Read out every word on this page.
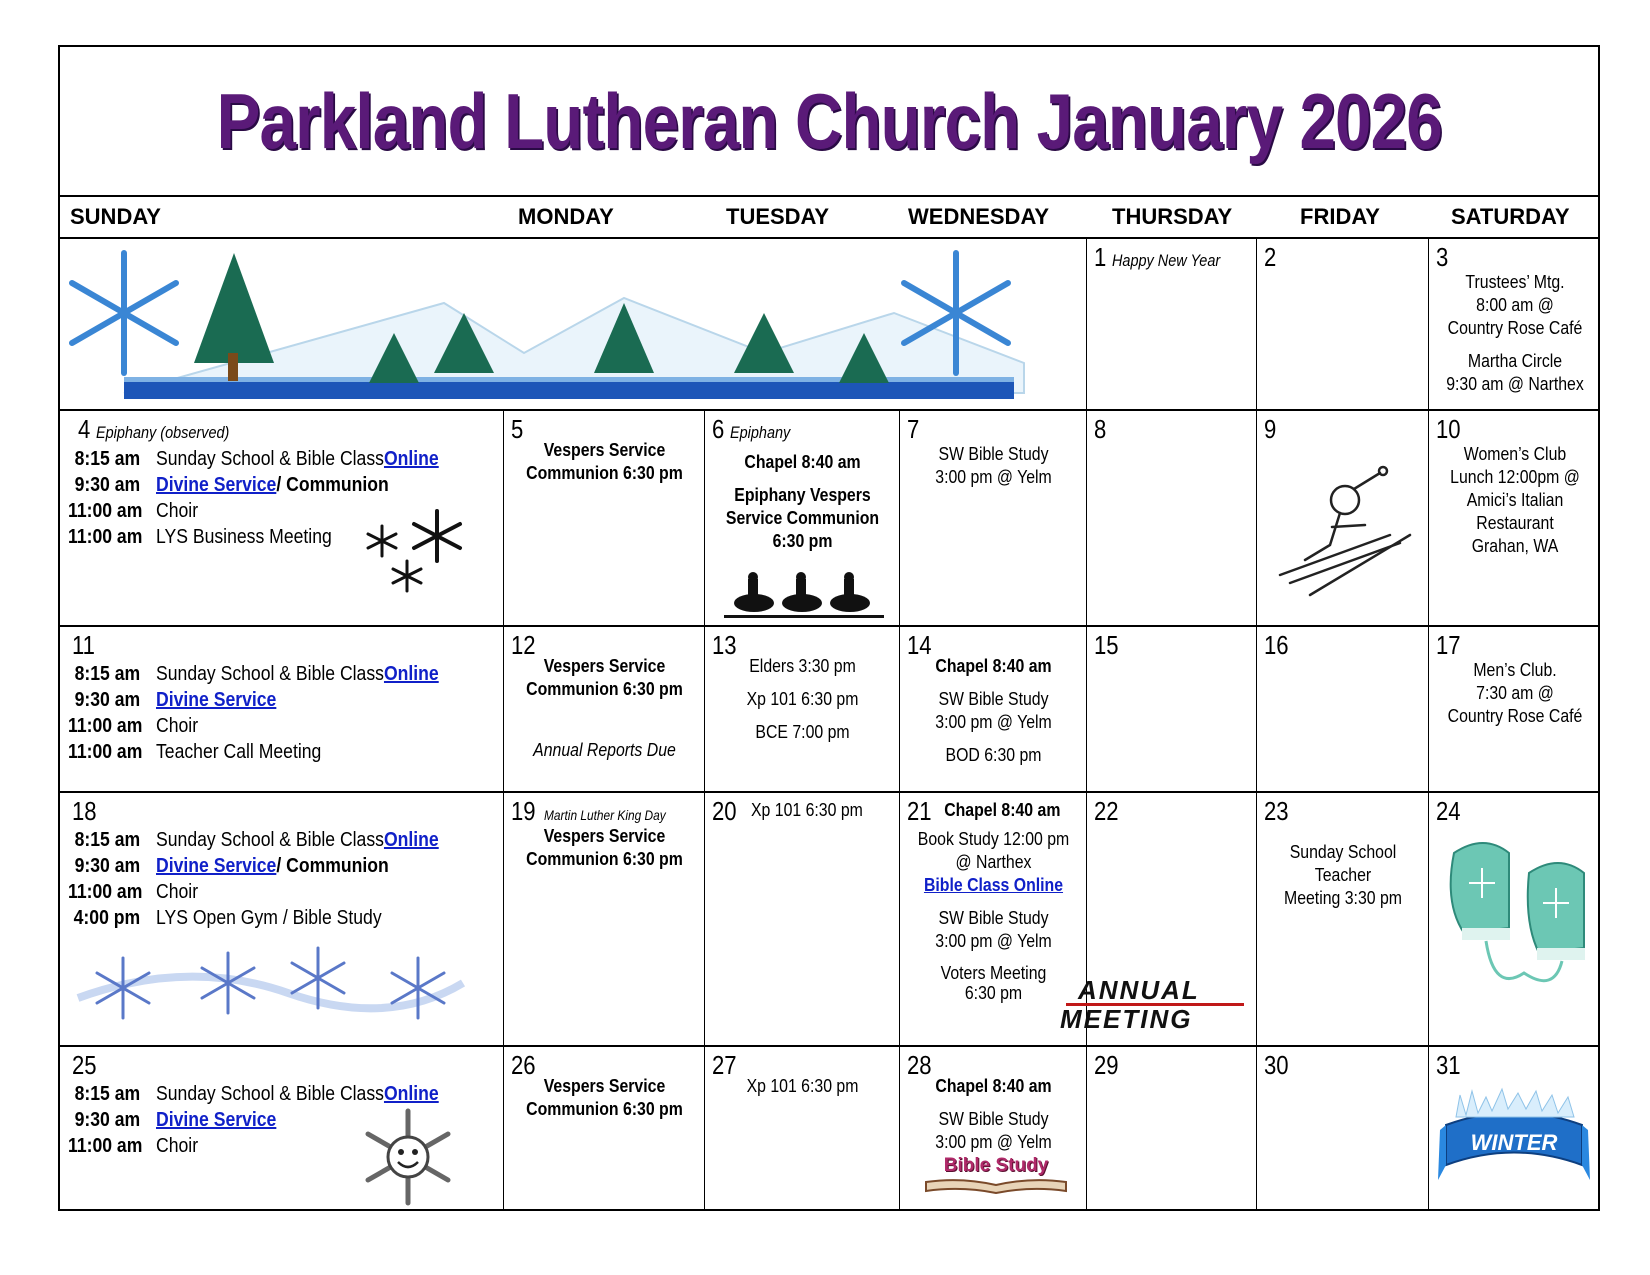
Parkland Lutheran Church January 2026
SUNDAY	MONDAY	TUESDAY	WEDNESDAY	THURSDAY	FRIDAY	SATURDAY
1 Happy New Year	2	3
Trustees’ Mtg.
8:00 am @
Country Rose Café
Martha Circle
9:30 am @ Narthex
4 Epiphany (observed)
8:15 am Sunday School & Bible Class Online
9:30 am Divine Service / Communion
11:00 am Choir
11:00 am LYS Business Meeting
5
Vespers Service
Communion 6:30 pm
6 Epiphany
Chapel 8:40 am
Epiphany Vespers
Service Communion
6:30 pm
7
SW Bible Study
3:00 pm @ Yelm
8	9	10
Women’s Club
Lunch 12:00pm @
Amici’s Italian
Restaurant
Grahan, WA
11
8:15 am Sunday School & Bible Class Online
9:30 am Divine Service
11:00 am Choir
11:00 am Teacher Call Meeting
12
Vespers Service
Communion 6:30 pm
Annual Reports Due
13
Elders 3:30 pm
Xp 101 6:30 pm
BCE 7:00 pm
14
Chapel 8:40 am
SW Bible Study
3:00 pm @ Yelm
BOD 6:30 pm
15	16	17
Men’s Club.
7:30 am @
Country Rose Café
18
8:15 am Sunday School & Bible Class Online
9:30 am Divine Service / Communion
11:00 am Choir
4:00 pm LYS Open Gym / Bible Study
19 Martin Luther King Day
Vespers Service
Communion 6:30 pm
20 Xp 101 6:30 pm	21 Chapel 8:40 am
Book Study 12:00 pm
@ Narthex
Bible Class Online
SW Bible Study
3:00 pm @ Yelm
Voters Meeting
6:30 pm
22
ANNUAL
MEETING
23
Sunday School
Teacher
Meeting 3:30 pm
24
25
8:15 am Sunday School & Bible Class Online
9:30 am Divine Service
11:00 am Choir
26
Vespers Service
Communion 6:30 pm
27
Xp 101 6:30 pm
28
Chapel 8:40 am
SW Bible Study
3:00 pm @ Yelm
Bible Study
29	30	31
WINTER
